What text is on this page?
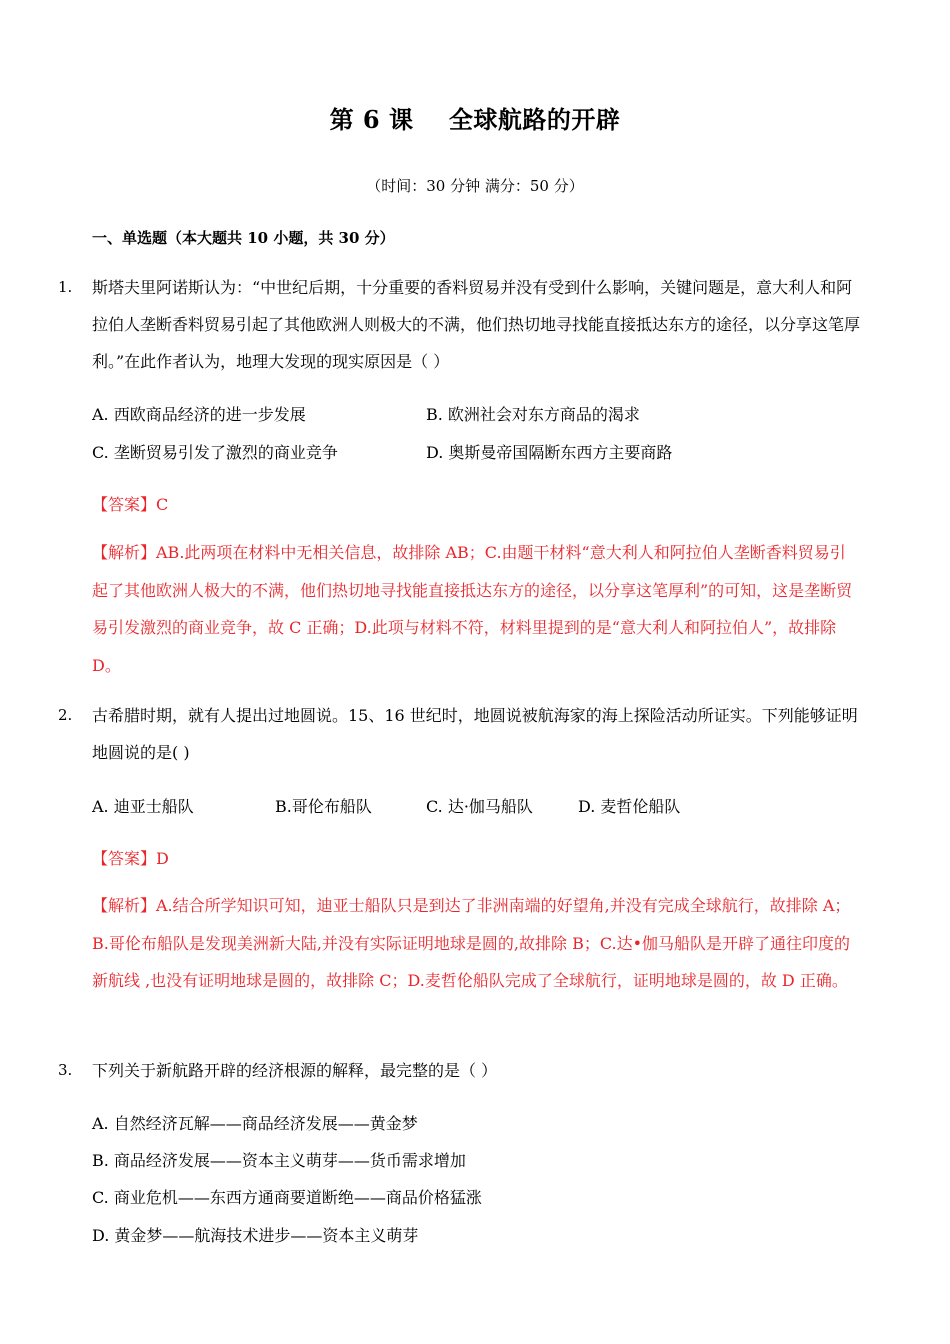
第 6 课    全球航路的开辟
（时间：30 分钟 满分：50 分）
一、单选题（本大题共 10 小题，共 30 分）
1. 斯塔夫里阿诺斯认为：“中世纪后期，十分重要的香料贸易并没有受到什么影响，关键问题是，意大利人和阿拉伯人垄断香料贸易引起了其他欧洲人则极大的不满，他们热切地寻找能直接抵达东方的途径，以分享这笔厚利。”在此作者认为，地理大发现的现实原因是（ ）
A. 西欧商品经济的进一步发展	B. 欧洲社会对东方商品的渴求
C. 垄断贸易引发了激烈的商业竞争	D. 奥斯曼帝国隔断东西方主要商路
【答案】C
【解析】AB.此两项在材料中无相关信息，故排除 AB；C.由题干材料“意大利人和阿拉伯人垄断香料贸易引起了其他欧洲人极大的不满，他们热切地寻找能直接抵达东方的途径，以分享这笔厚利”的可知，这是垄断贸易引发激烈的商业竞争，故 C 正确；D.此项与材料不符，材料里提到的是“意大利人和阿拉伯人”，故排除 D。
2. 古希腊时期，就有人提出过地圆说。15、16 世纪时，地圆说被航海家的海上探险活动所证实。下列能够证明地圆说的是( )
A. 迪亚士船队	B.哥伦布船队	C. 达·伽马船队	D. 麦哲伦船队
【答案】D
【解析】A.结合所学知识可知，迪亚士船队只是到达了非洲南端的好望角,并没有完成全球航行，故排除 A；B.哥伦布船队是发现美洲新大陆,并没有实际证明地球是圆的,故排除 B；C.达•伽马船队是开辟了通往印度的新航线 ,也没有证明地球是圆的，故排除 C；D.麦哲伦船队完成了全球航行，证明地球是圆的，故 D 正确。
3. 下列关于新航路开辟的经济根源的解释，最完整的是（ ）
A. 自然经济瓦解——商品经济发展——黄金梦
B. 商品经济发展——资本主义萌芽——货币需求增加
C. 商业危机——东西方通商要道断绝——商品价格猛涨
D. 黄金梦——航海技术进步——资本主义萌芽
